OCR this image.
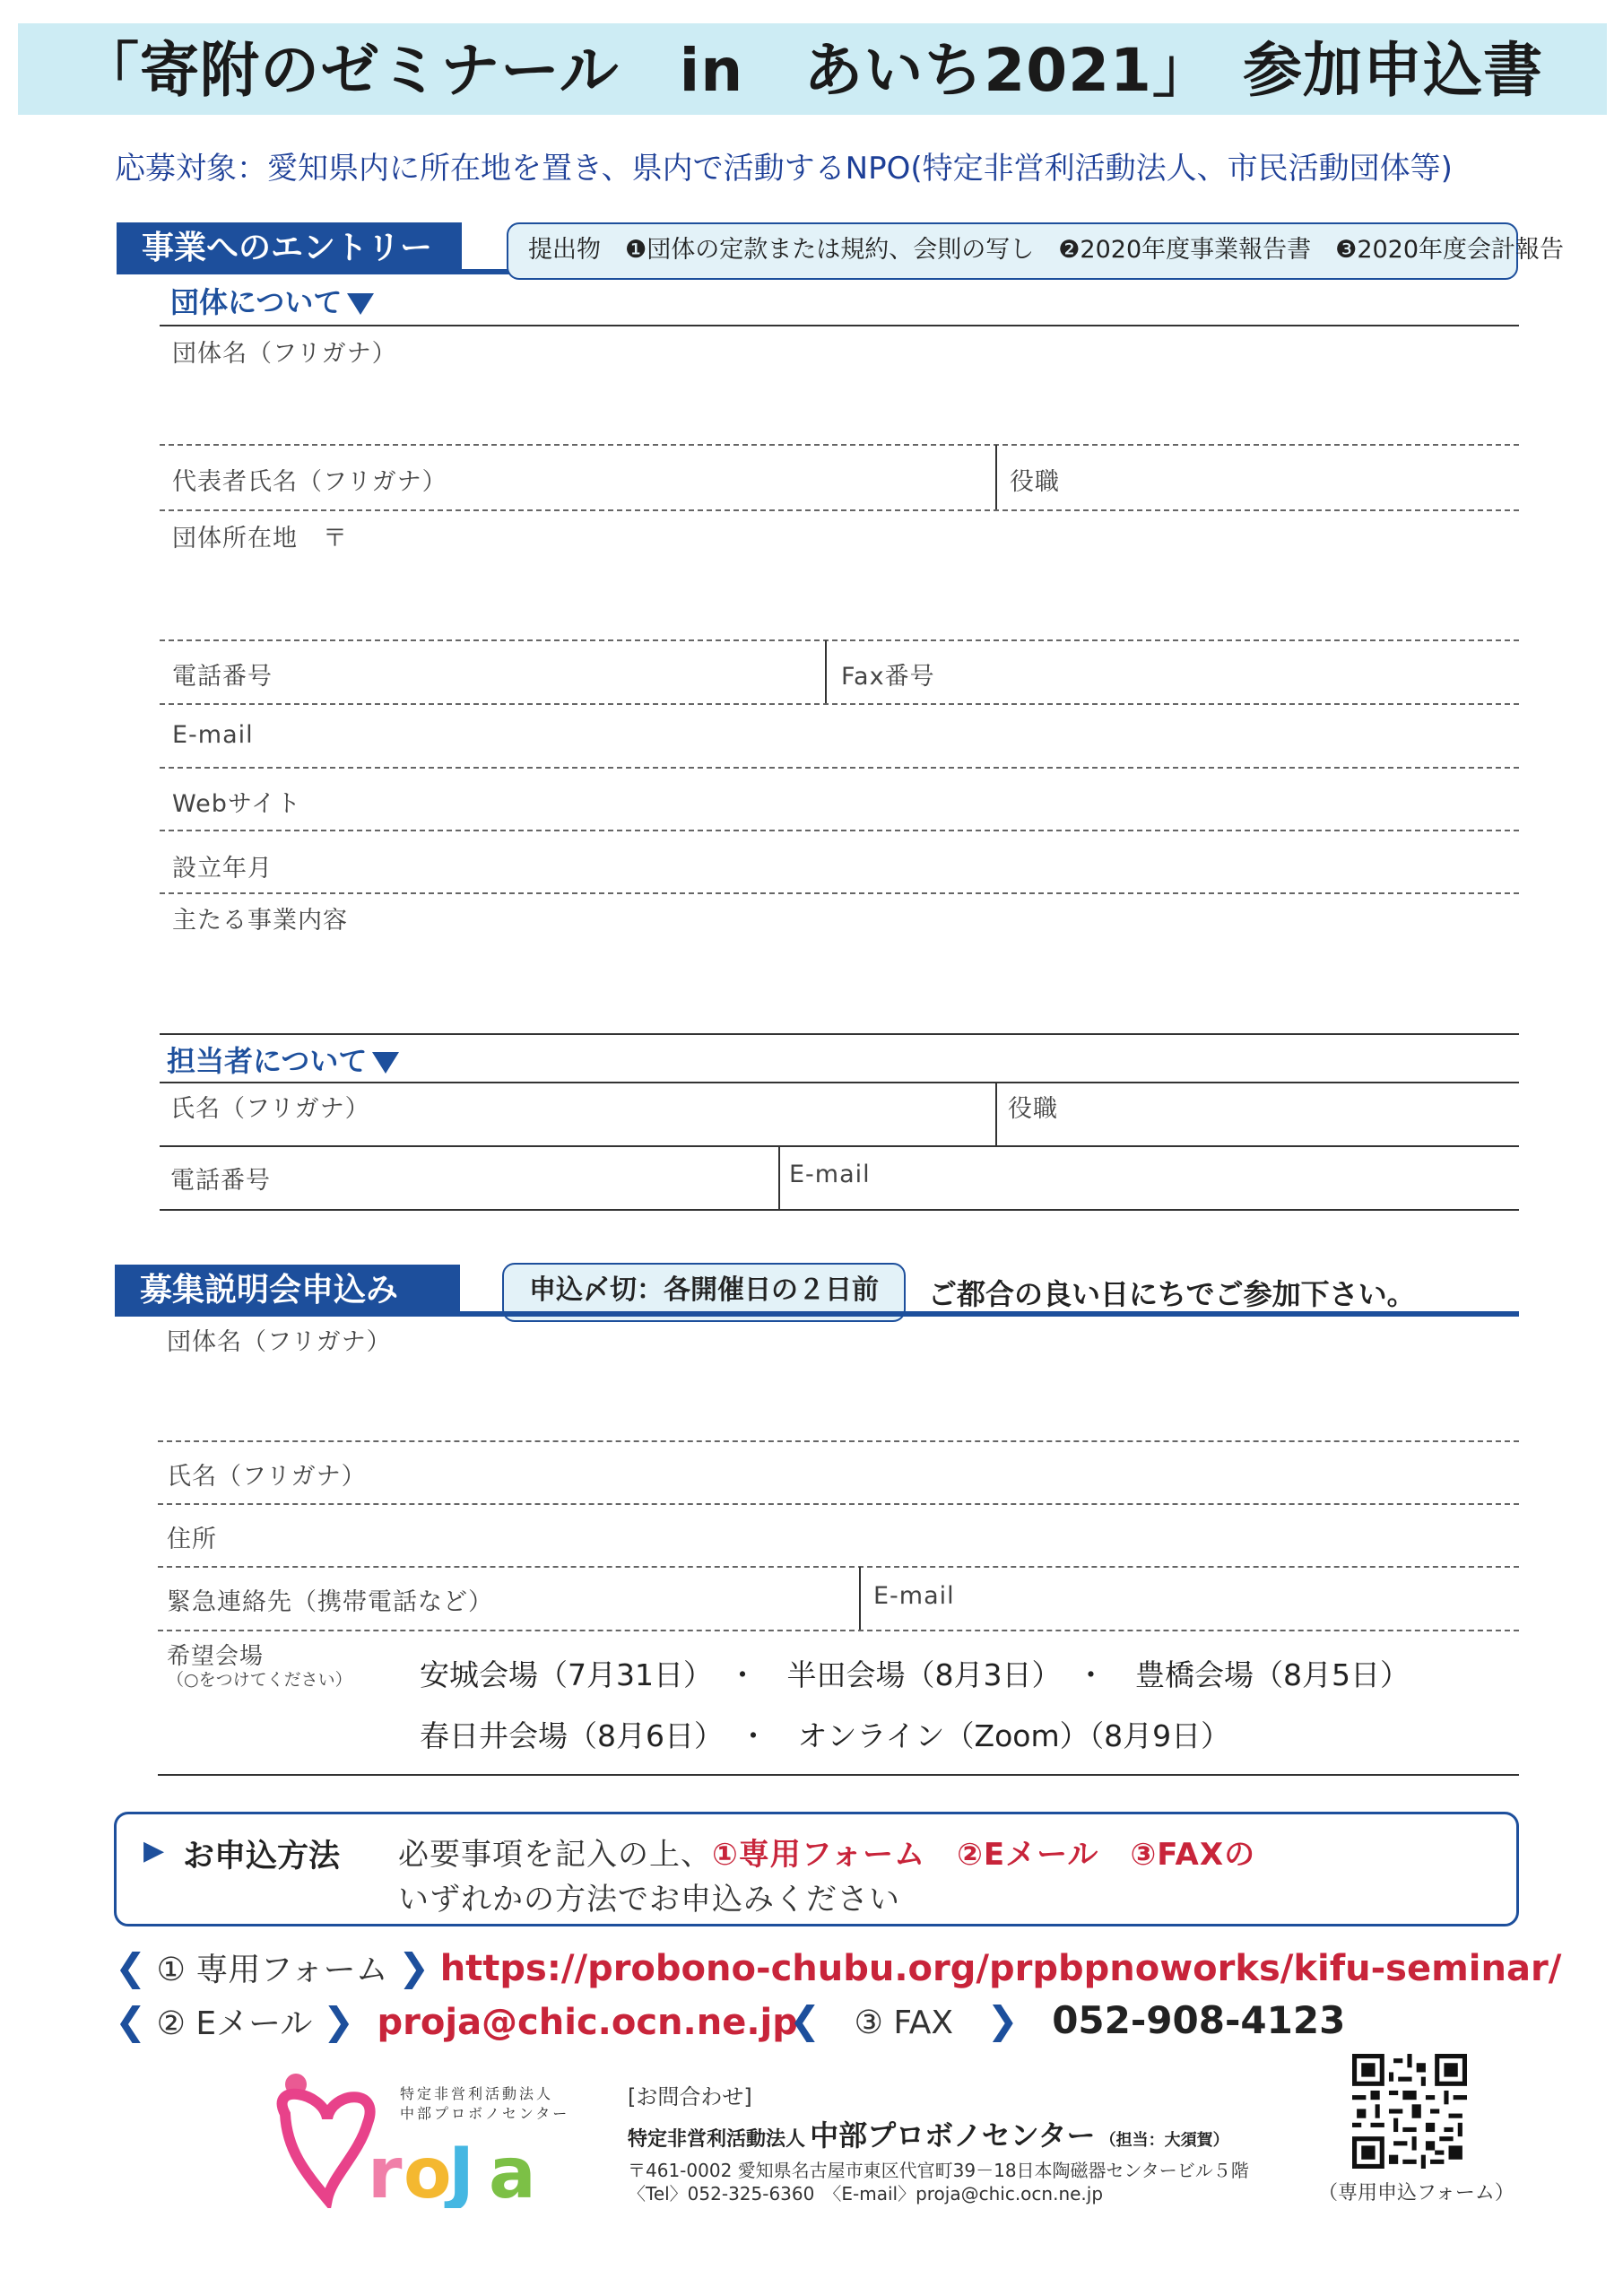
「寄附のゼミナール　in　あいち2021」　参加申込書
応募対象：愛知県内に所在地を置き、県内で活動するNPO(特定非営利活動法人、市民活動団体等)
事業へのエントリー	提出物　❶団体の定款または規約、会則の写し　❷2020年度事業報告書　❸2020年度会計報告
団体について
団体名（フリガナ）
代表者氏名（フリガナ）	役職
団体所在地　〒
電話番号	Fax番号
E-mail
Webサイト
設立年月
主たる事業内容
担当者について
氏名（フリガナ）	役職
電話番号	E-mail
募集説明会申込み	申込〆切：各開催日の２日前	ご都合の良い日にちでご参加下さい。
団体名（フリガナ）
氏名（フリガナ）
住所
緊急連絡先（携帯電話など）	E-mail
希望会場
（○をつけてください） 安城会場（7月31日）　・　半田会場（8月3日）　・　豊橋会場（8月5日）
春日井会場（8月6日）　・　オンライン（Zoom）（8月9日）
▶ お申込方法 必要事項を記入の上、①専用フォーム　 ②Eメール　 ③FAXの
いずれかの方法でお申込みください
❮ ① 専用フォーム ❯ https://probono-chubu.org/prpbpnoworks/kifu-seminar/
❮ ② Eメール ❯ proja@chic.ocn.ne.jp
❮ ③ FAX ❯ 052-908-4123
r o
J a
特定非営利活動法人
中部プロボノセンター
[お問合わせ]
特定非営利活動法人 中部プロボノセンター （担当：大須賀）
〒461-0002 愛知県名古屋市東区代官町39－18日本陶磁器センタービル５階
〈Tel〉052-325-6360　〈E-mail〉proja@chic.ocn.ne.jp	（専用申込フォーム）
